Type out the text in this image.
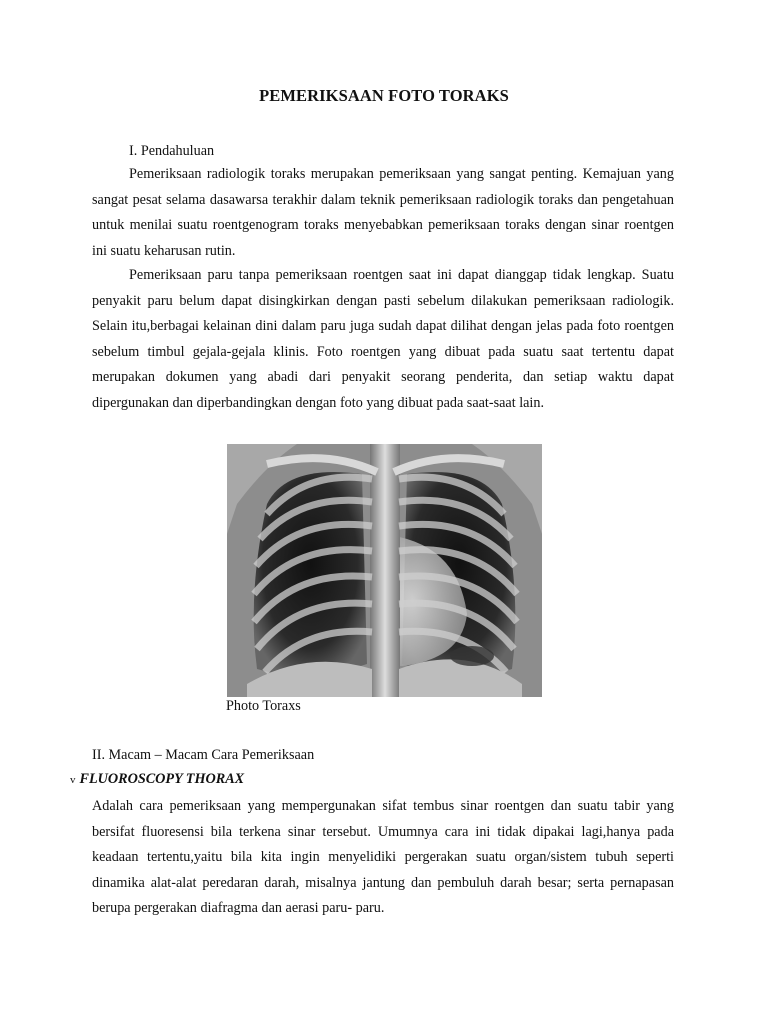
PEMERIKSAAN FOTO TORAKS
I. Pendahuluan
Pemeriksaan radiologik toraks merupakan pemeriksaan yang sangat penting. Kemajuan yang sangat pesat selama dasawarsa terakhir dalam teknik pemeriksaan radiologik toraks dan pengetahuan untuk menilai suatu roentgenogram toraks menyebabkan pemeriksaan toraks dengan sinar roentgen ini suatu keharusan rutin.
Pemeriksaan paru tanpa pemeriksaan roentgen saat ini dapat dianggap tidak lengkap. Suatu penyakit paru belum dapat disingkirkan dengan pasti sebelum dilakukan pemeriksaan radiologik. Selain itu,berbagai kelainan dini dalam paru juga sudah dapat dilihat dengan jelas pada foto roentgen sebelum timbul gejala-gejala klinis. Foto roentgen yang dibuat pada suatu saat tertentu dapat merupakan dokumen yang abadi dari penyakit seorang penderita, dan setiap waktu dapat dipergunakan dan diperbandingkan dengan foto yang dibuat pada saat-saat lain.
Photo Toraxs
II. Macam – Macam Cara Pemeriksaan
v FLUOROSCOPY THORAX
Adalah cara pemeriksaan yang mempergunakan sifat tembus sinar roentgen dan suatu tabir yang bersifat fluoresensi bila terkena sinar tersebut. Umumnya cara ini tidak dipakai lagi,hanya pada keadaan tertentu,yaitu bila kita ingin menyelidiki pergerakan suatu organ/sistem tubuh seperti dinamika alat-alat peredaran darah, misalnya jantung dan pembuluh darah besar; serta pernapasan berupa pergerakan diafragma dan aerasi paru- paru.
